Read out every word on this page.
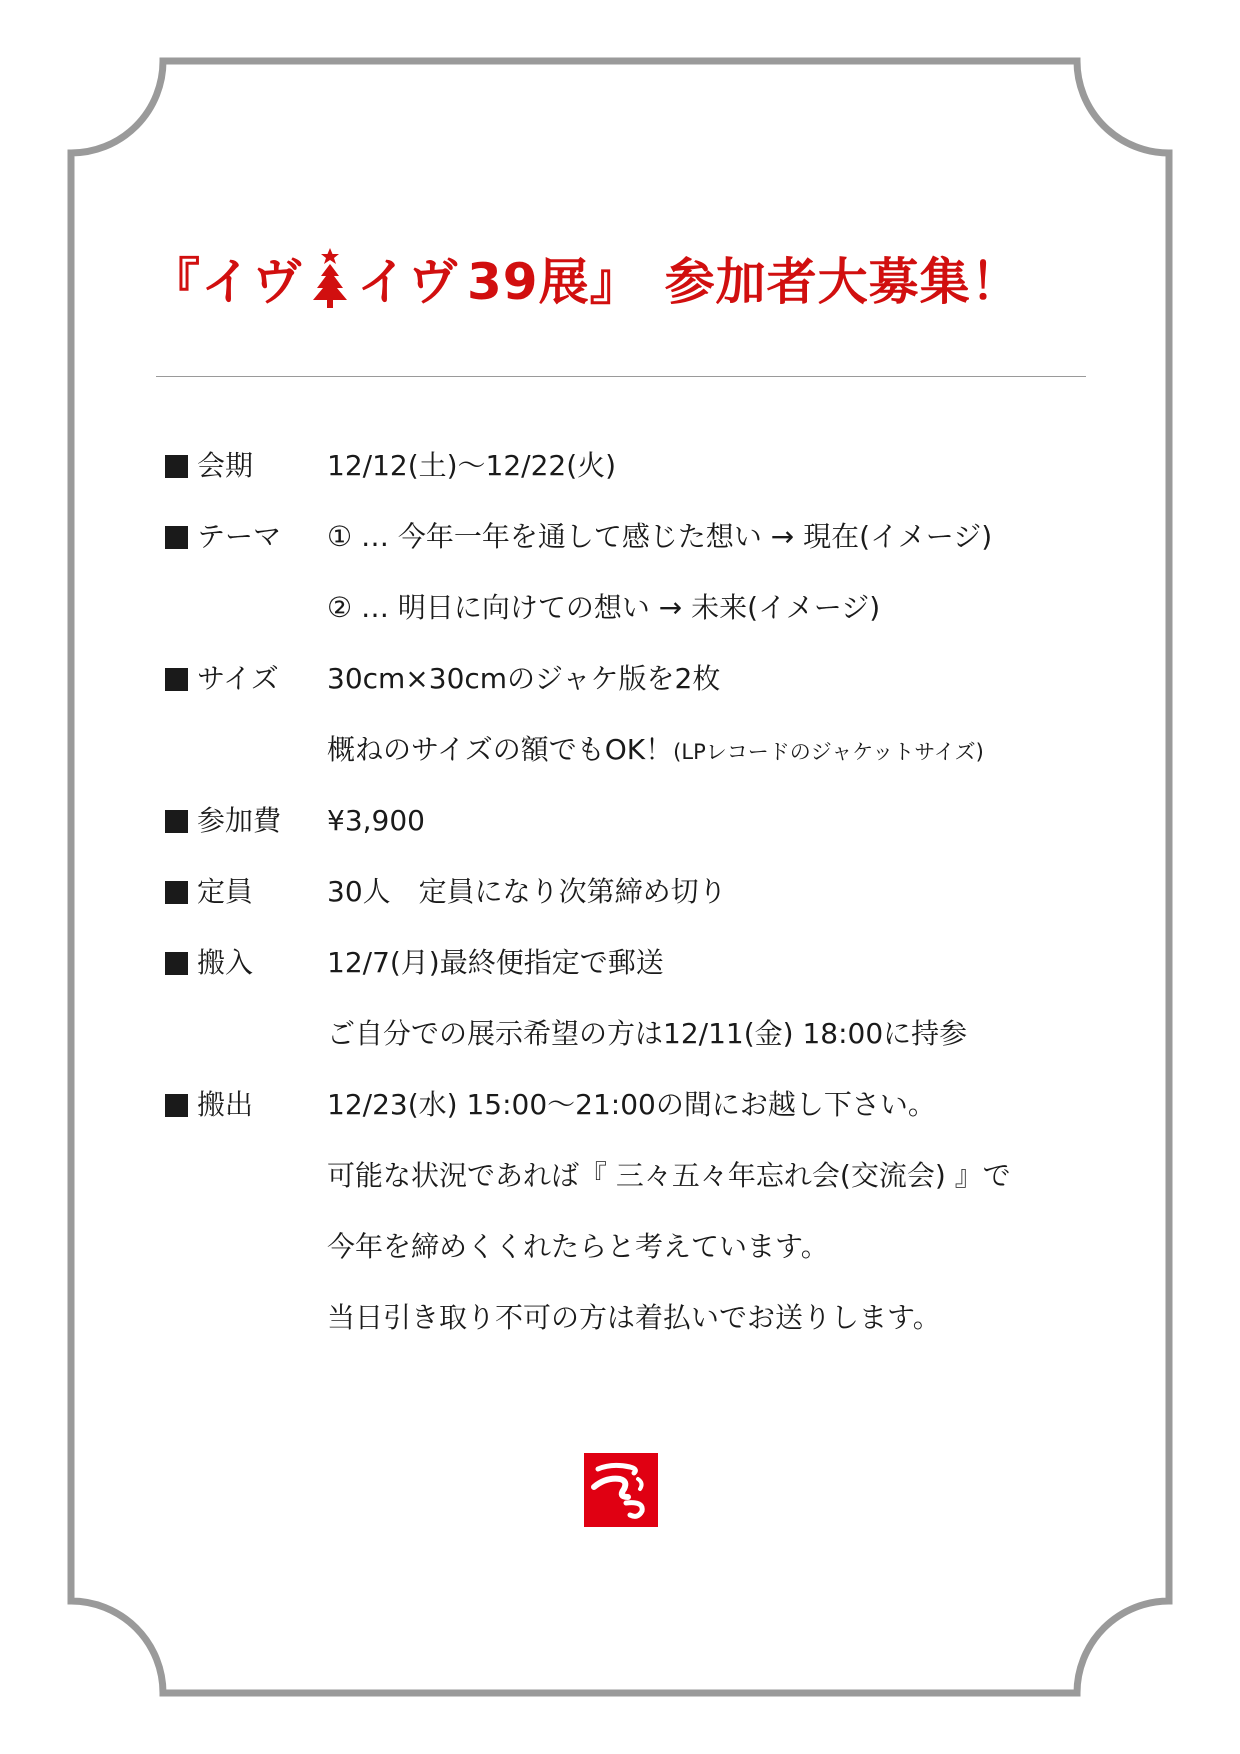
『 イヴ イヴ 39展 』 参加者大募集！
会期	12/12(土)〜12/22(火)
テーマ ① … 今年一年を通して感じた想い → 現在(イメージ)
② … 明日に向けての想い → 未来(イメージ)
サイズ 30cm×30cmのジャケ版を2枚
概ねのサイズの額でもOK！(LPレコードのジャケットサイズ)
参加費 ¥3,900
定員	30人　定員になり次第締め切り
搬入	12/7(月)最終便指定で郵送
ご自分での展示希望の方は12/11(金) 18:00に持参
搬出	12/23(水) 15:00〜21:00の間にお越し下さい。
可能な状況であれば『 三々五々年忘れ会(交流会) 』で
今年を締めくくれたらと考えています。
当日引き取り不可の方は着払いでお送りします。
